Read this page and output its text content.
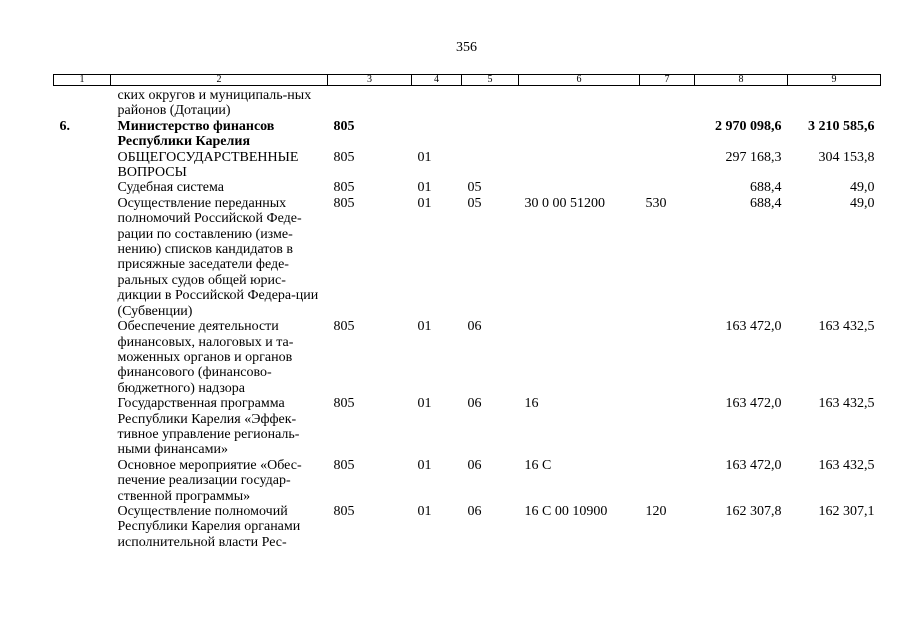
356
1	2	3	4	5	6	7	8	9
	ских округов и муниципаль-ных районов (Дотации)							
6.	Министерство финансов Республики Карелия	805					2 970 098,6	3 210 585,6
	ОБЩЕГОСУДАРСТВЕННЫЕ ВОПРОСЫ	805	01				297 168,3	304 153,8
	Судебная система	805	01	05			688,4	49,0
	Осуществление переданных полномочий Российской Феде-рации по составлению (изме-нению) списков кандидатов в присяжные заседатели феде-ральных судов общей юрис-дикции в Российской Федера-ции (Субвенции)	805	01	05	30 0 00 51200	530	688,4	49,0
	Обеспечение деятельности финансовых, налоговых и та-моженных органов и органов финансового (финансово-бюджетного) надзора	805	01	06			163 472,0	163 432,5
	Государственная программа Республики Карелия «Эффек-тивное управление региональ-ными финансами»	805	01	06	16		163 472,0	163 432,5
	Основное мероприятие «Обес-печение реализации государ-ственной программы»	805	01	06	16 С		163 472,0	163 432,5
	Осуществление полномочий Республики Карелия органами исполнительной власти Рес-	805	01	06	16 С 00 10900	120	162 307,8	162 307,1
